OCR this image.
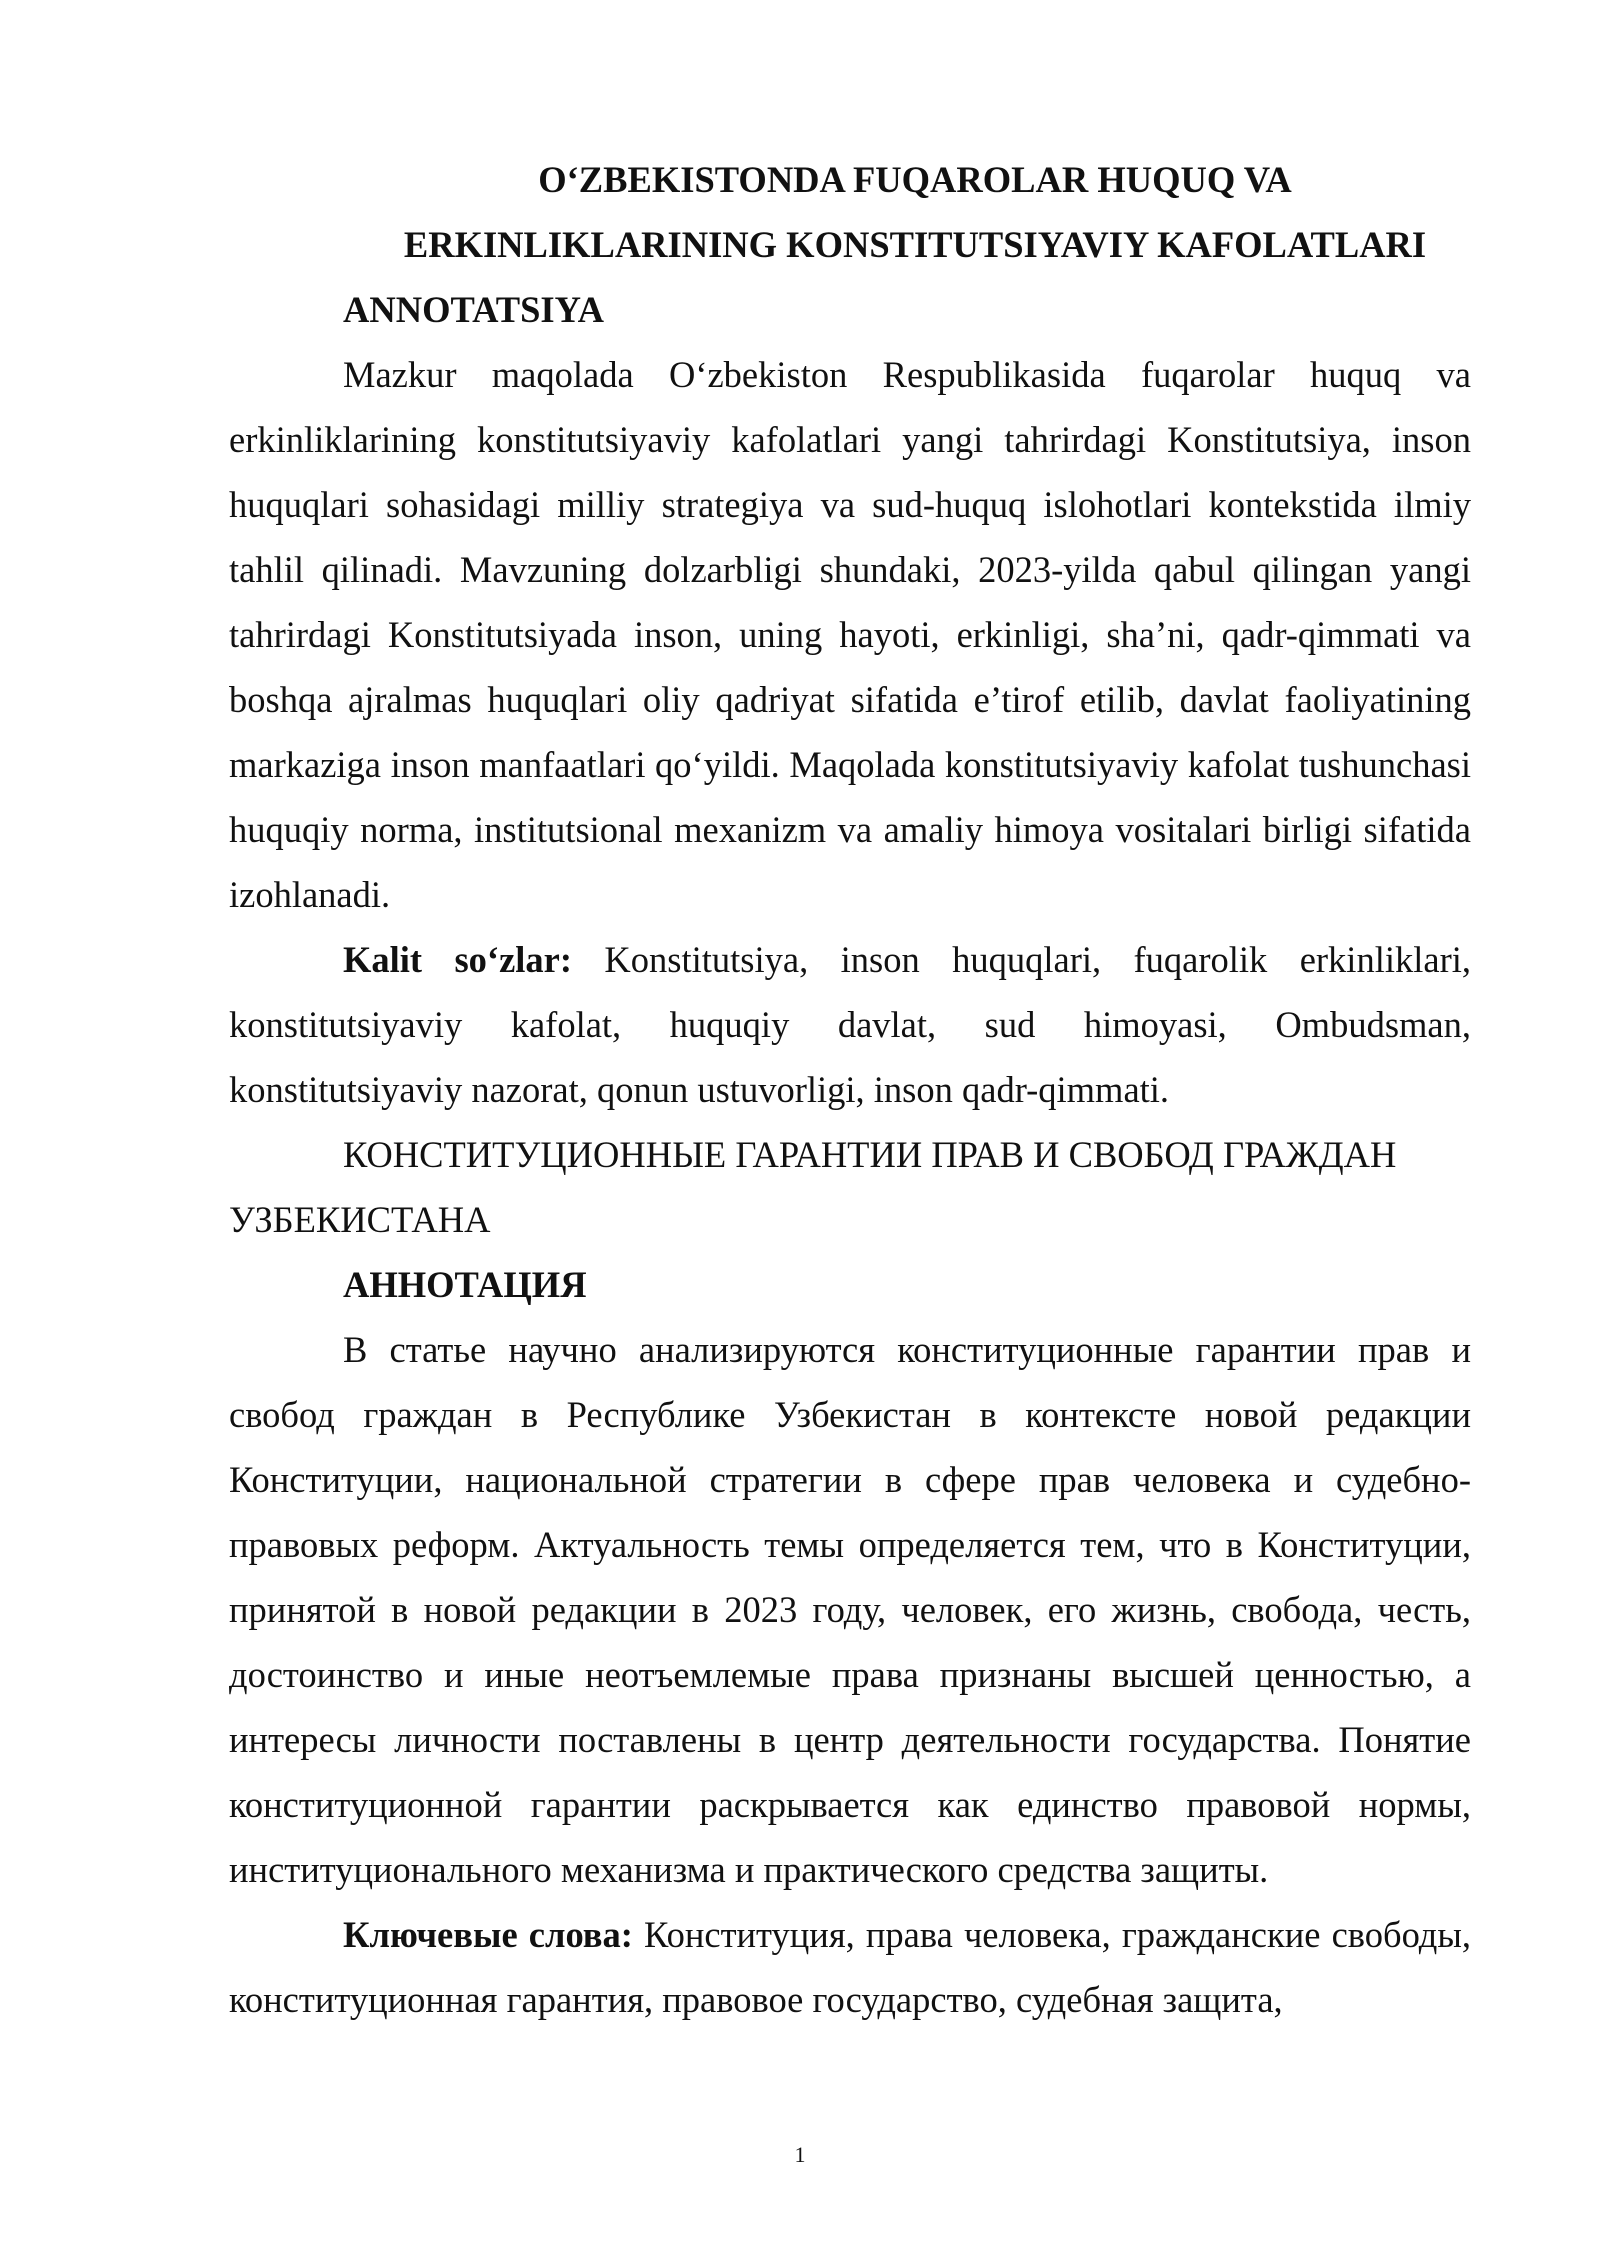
O‘ZBEKISTONDA FUQAROLAR HUQUQ VA

ERKINLIKLARINING KONSTITUTSIYAVIY KAFOLATLARI

ANNOTATSIYA

Mazkur maqolada O‘zbekiston Respublikasida fuqarolar huquq va erkinliklarining konstitutsiyaviy kafolatlari yangi tahrirdagi Konstitutsiya, inson huquqlari sohasidagi milliy strategiya va sud-huquq islohotlari kontekstida ilmiy tahlil qilinadi. Mavzuning dolzarbligi shundaki, 2023-yilda qabul qilingan yangi tahrirdagi Konstitutsiyada inson, uning hayoti, erkinligi, sha’ni, qadr-qimmati va boshqa ajralmas huquqlari oliy qadriyat sifatida e’tirof etilib, davlat faoliyatining markaziga inson manfaatlari qo‘yildi. Maqolada konstitutsiyaviy kafolat tushunchasi huquqiy norma, institutsional mexanizm va amaliy himoya vositalari birligi sifatida izohlanadi.

Kalit so‘zlar: Konstitutsiya, inson huquqlari, fuqarolik erkinliklari, konstitutsiyaviy kafolat, huquqiy davlat, sud himoyasi, Ombudsman, konstitutsiyaviy nazorat, qonun ustuvorligi, inson qadr-qimmati.

КОНСТИТУЦИОННЫЕ ГАРАНТИИ ПРАВ И СВОБОД ГРАЖДАН УЗБЕКИСТАНА

АННОТАЦИЯ

В статье научно анализируются конституционные гарантии прав и свобод граждан в Республике Узбекистан в контексте новой редакции Конституции, национальной стратегии в сфере прав человека и судебно-правовых реформ. Актуальность темы определяется тем, что в Конституции, принятой в новой редакции в 2023 году, человек, его жизнь, свобода, честь, достоинство и иные неотъемлемые права признаны высшей ценностью, а интересы личности поставлены в центр деятельности государства. Понятие конституционной гарантии раскрывается как единство правовой нормы, институционального механизма и практического средства защиты.

Ключевые слова: Конституция, права человека, гражданские свободы, конституционная гарантия, правовое государство, судебная защита,

1
